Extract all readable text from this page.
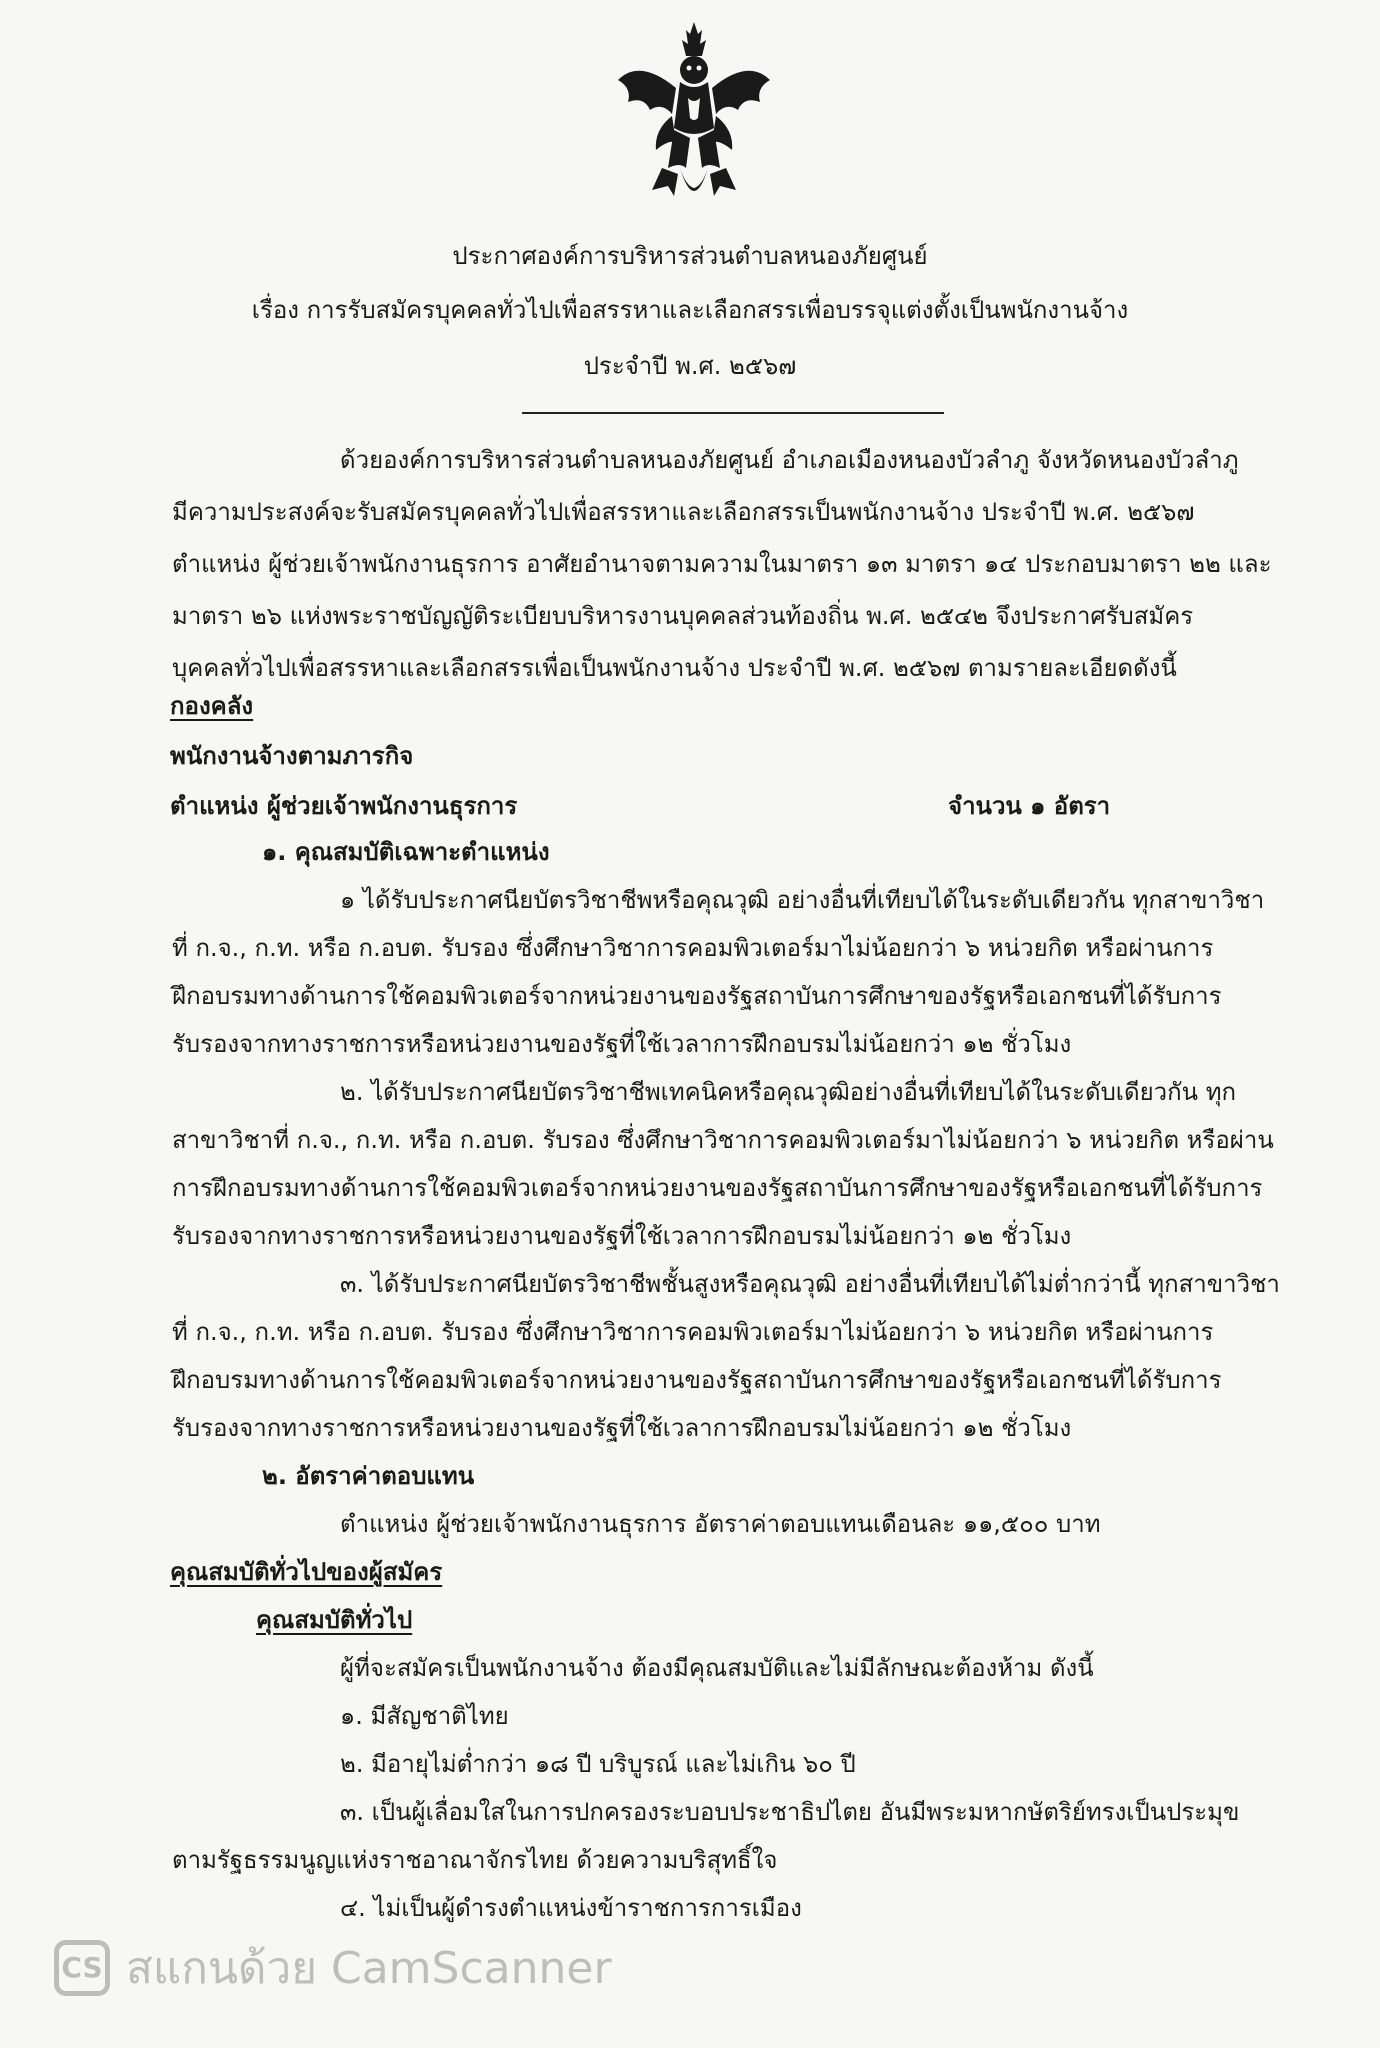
ประกาศองค์การบริหารส่วนตำบลหนองภัยศูนย์
เรื่อง การรับสมัครบุคคลทั่วไปเพื่อสรรหาและเลือกสรรเพื่อบรรจุแต่งตั้งเป็นพนักงานจ้าง
ประจำปี พ.ศ. ๒๕๖๗
ด้วยองค์การบริหารส่วนตำบลหนองภัยศูนย์ อำเภอเมืองหนองบัวลำภู จังหวัดหนองบัวลำภู
มีความประสงค์จะรับสมัครบุคคลทั่วไปเพื่อสรรหาและเลือกสรรเป็นพนักงานจ้าง ประจำปี พ.ศ. ๒๕๖๗
ตำแหน่ง ผู้ช่วยเจ้าพนักงานธุรการ อาศัยอำนาจตามความในมาตรา ๑๓ มาตรา ๑๔ ประกอบมาตรา ๒๒ และ
มาตรา ๒๖ แห่งพระราชบัญญัติระเบียบบริหารงานบุคคลส่วนท้องถิ่น พ.ศ. ๒๕๔๒ จึงประกาศรับสมัคร
บุคคลทั่วไปเพื่อสรรหาและเลือกสรรเพื่อเป็นพนักงานจ้าง ประจำปี พ.ศ. ๒๕๖๗ ตามรายละเอียดดังนี้
กองคลัง
พนักงานจ้างตามภารกิจ
ตำแหน่ง ผู้ช่วยเจ้าพนักงานธุรการ	จำนวน ๑ อัตรา
๑. คุณสมบัติเฉพาะตำแหน่ง
๑ ได้รับประกาศนียบัตรวิชาชีพหรือคุณวุฒิ อย่างอื่นที่เทียบได้ในระดับเดียวกัน ทุกสาขาวิชา
ที่ ก.จ., ก.ท. หรือ ก.อบต. รับรอง ซึ่งศึกษาวิชาการคอมพิวเตอร์มาไม่น้อยกว่า ๖ หน่วยกิต หรือผ่านการ
ฝึกอบรมทางด้านการใช้คอมพิวเตอร์จากหน่วยงานของรัฐสถาบันการศึกษาของรัฐหรือเอกชนที่ได้รับการ
รับรองจากทางราชการหรือหน่วยงานของรัฐที่ใช้เวลาการฝึกอบรมไม่น้อยกว่า ๑๒ ชั่วโมง
๒. ได้รับประกาศนียบัตรวิชาชีพเทคนิคหรือคุณวุฒิอย่างอื่นที่เทียบได้ในระดับเดียวกัน ทุก
สาขาวิชาที่ ก.จ., ก.ท. หรือ ก.อบต. รับรอง ซึ่งศึกษาวิชาการคอมพิวเตอร์มาไม่น้อยกว่า ๖ หน่วยกิต หรือผ่าน
การฝึกอบรมทางด้านการใช้คอมพิวเตอร์จากหน่วยงานของรัฐสถาบันการศึกษาของรัฐหรือเอกชนที่ได้รับการ
รับรองจากทางราชการหรือหน่วยงานของรัฐที่ใช้เวลาการฝึกอบรมไม่น้อยกว่า ๑๒ ชั่วโมง
๓. ได้รับประกาศนียบัตรวิชาชีพชั้นสูงหรือคุณวุฒิ อย่างอื่นที่เทียบได้ไม่ต่ำกว่านี้ ทุกสาขาวิชา
ที่ ก.จ., ก.ท. หรือ ก.อบต. รับรอง ซึ่งศึกษาวิชาการคอมพิวเตอร์มาไม่น้อยกว่า ๖ หน่วยกิต หรือผ่านการ
ฝึกอบรมทางด้านการใช้คอมพิวเตอร์จากหน่วยงานของรัฐสถาบันการศึกษาของรัฐหรือเอกชนที่ได้รับการ
รับรองจากทางราชการหรือหน่วยงานของรัฐที่ใช้เวลาการฝึกอบรมไม่น้อยกว่า ๑๒ ชั่วโมง
๒. อัตราค่าตอบแทน
ตำแหน่ง ผู้ช่วยเจ้าพนักงานธุรการ อัตราค่าตอบแทนเดือนละ ๑๑,๕๐๐ บาท
คุณสมบัติทั่วไปของผู้สมัคร
คุณสมบัติทั่วไป
ผู้ที่จะสมัครเป็นพนักงานจ้าง ต้องมีคุณสมบัติและไม่มีลักษณะต้องห้าม ดังนี้
๑. มีสัญชาติไทย
๒. มีอายุไม่ต่ำกว่า ๑๘ ปี บริบูรณ์ และไม่เกิน ๖๐ ปี
๓. เป็นผู้เลื่อมใสในการปกครองระบอบประชาธิปไตย อันมีพระมหากษัตริย์ทรงเป็นประมุข
ตามรัฐธรรมนูญแห่งราชอาณาจักรไทย ด้วยความบริสุทธิ์ใจ
๔. ไม่เป็นผู้ดำรงตำแหน่งข้าราชการการเมือง
CS สแกนด้วย CamScanner
